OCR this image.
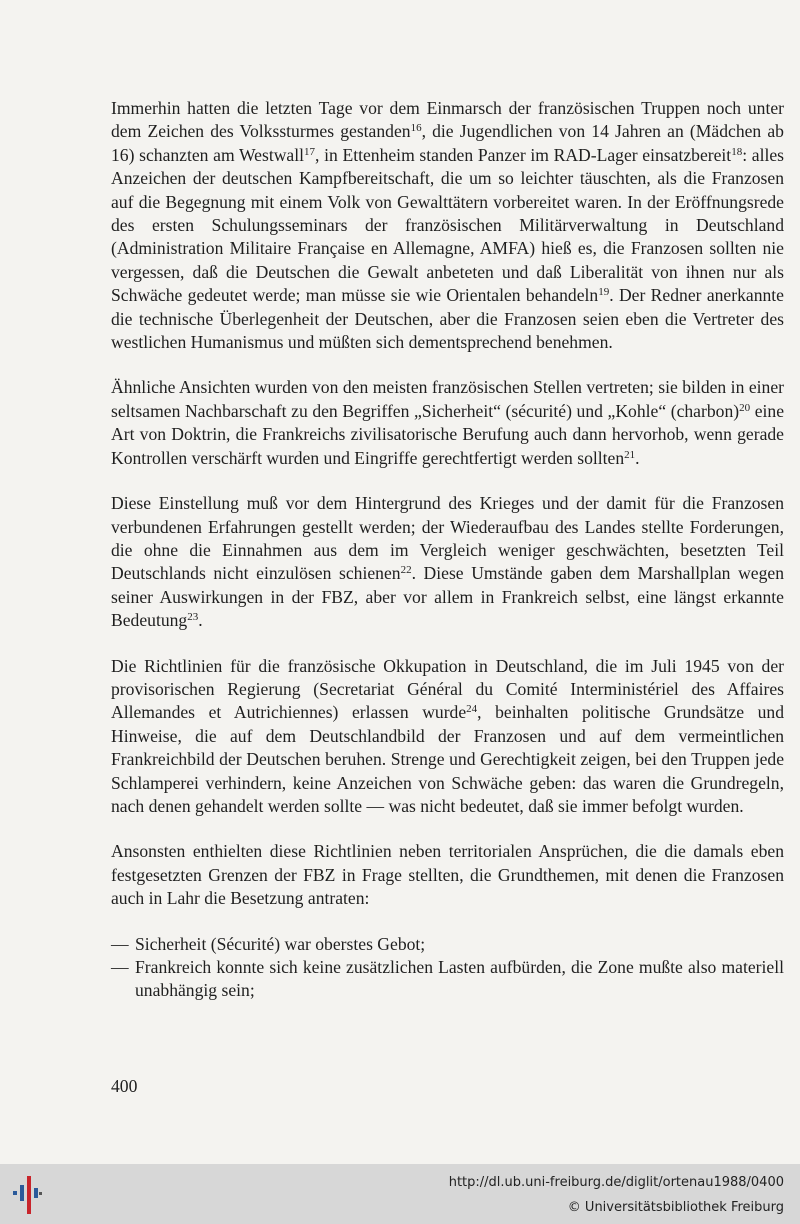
Immerhin hatten die letzten Tage vor dem Einmarsch der französischen Truppen noch unter dem Zeichen des Volkssturmes gestanden$^{16}$, die Jugendlichen von 14 Jahren an (Mädchen ab 16) schanzten am Westwall$^{17}$, in Ettenheim standen Panzer im RAD-Lager einsatzbereit$^{18}$: alles Anzeichen der deutschen Kampfbereitschaft, die um so leichter täuschten, als die Franzosen auf die Begegnung mit einem Volk von Gewalttätern vorbereitet waren. In der Eröffnungsrede des ersten Schulungsseminars der französischen Militärverwaltung in Deutschland (Administration Militaire Française en Allemagne, AMFA) hieß es, die Franzosen sollten nie vergessen, daß die Deutschen die Gewalt anbeteten und daß Liberalität von ihnen nur als Schwäche gedeutet werde; man müsse sie wie Orientalen behandeln$^{19}$. Der Redner anerkannte die technische Überlegenheit der Deutschen, aber die Franzosen seien eben die Vertreter des westlichen Humanismus und müßten sich dementsprechend benehmen.

Ähnliche Ansichten wurden von den meisten französischen Stellen vertreten; sie bilden in einer seltsamen Nachbarschaft zu den Begriffen „Sicherheit“ (sécurité) und „Kohle“ (charbon)$^{20}$ eine Art von Doktrin, die Frankreichs zivilisatorische Berufung auch dann hervorhob, wenn gerade Kontrollen verschärft wurden und Eingriffe gerechtfertigt werden sollten$^{21}$.

Diese Einstellung muß vor dem Hintergrund des Krieges und der damit für die Franzosen verbundenen Erfahrungen gestellt werden; der Wiederaufbau des Landes stellte Forderungen, die ohne die Einnahmen aus dem im Vergleich weniger geschwächten, besetzten Teil Deutschlands nicht einzulösen schienen$^{22}$. Diese Umstände gaben dem Marshallplan wegen seiner Auswirkungen in der FBZ, aber vor allem in Frankreich selbst, eine längst erkannte Bedeutung$^{23}$.

Die Richtlinien für die französische Okkupation in Deutschland, die im Juli 1945 von der provisorischen Regierung (Secretariat Général du Comité Interministériel des Affaires Allemandes et Autrichiennes) erlassen wurde$^{24}$, beinhalten politische Grundsätze und Hinweise, die auf dem Deutschlandbild der Franzosen und auf dem vermeintlichen Frankreichbild der Deutschen beruhen. Strenge und Gerechtigkeit zeigen, bei den Truppen jede Schlamperei verhindern, keine Anzeichen von Schwäche geben: das waren die Grundregeln, nach denen gehandelt werden sollte — was nicht bedeutet, daß sie immer befolgt wurden.

Ansonsten enthielten diese Richtlinien neben territorialen Ansprüchen, die die damals eben festgesetzten Grenzen der FBZ in Frage stellten, die Grundthemen, mit denen die Franzosen auch in Lahr die Besetzung antraten:

— Sicherheit (Sécurité) war oberstes Gebot;
— Frankreich konnte sich keine zusätzlichen Lasten aufbürden, die Zone mußte also materiell unabhängig sein;
400
http://dl.ub.uni-freiburg.de/diglit/ortenau1988/0400
© Universitätsbibliothek Freiburg
